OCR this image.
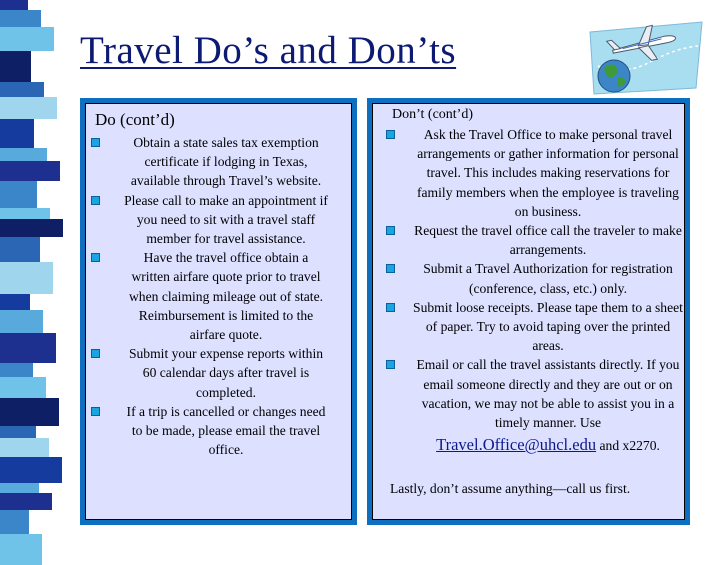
Travel Do’s and Don’ts
Do (cont’d)
Obtain a state sales tax exemption certificate if lodging in Texas, available through Travel’s website.
Please call to make an appointment if you need to sit with a travel staff member for travel assistance.
Have the travel office obtain a written airfare quote prior to travel when claiming mileage out of state. Reimbursement is limited to the airfare quote.
Submit your expense reports within 60 calendar days after travel is completed.
If a trip is cancelled or changes need to be made, please email the travel office.
Don’t (cont’d)
Ask the Travel Office to make personal travel arrangements or gather information for personal travel. This includes making reservations for family members when the employee is traveling on business.
Request the travel office call the traveler to make arrangements.
Submit a Travel Authorization for registration (conference, class, etc.) only.
Submit loose receipts. Please tape them to a sheet of paper. Try to avoid taping over the printed areas.
Email or call the travel assistants directly. If you email someone directly and they are out or on vacation, we may not be able to assist you in a timely manner. Use
Travel.Office@uhcl.edu and x2270.
Lastly, don’t assume anything—call us first.
